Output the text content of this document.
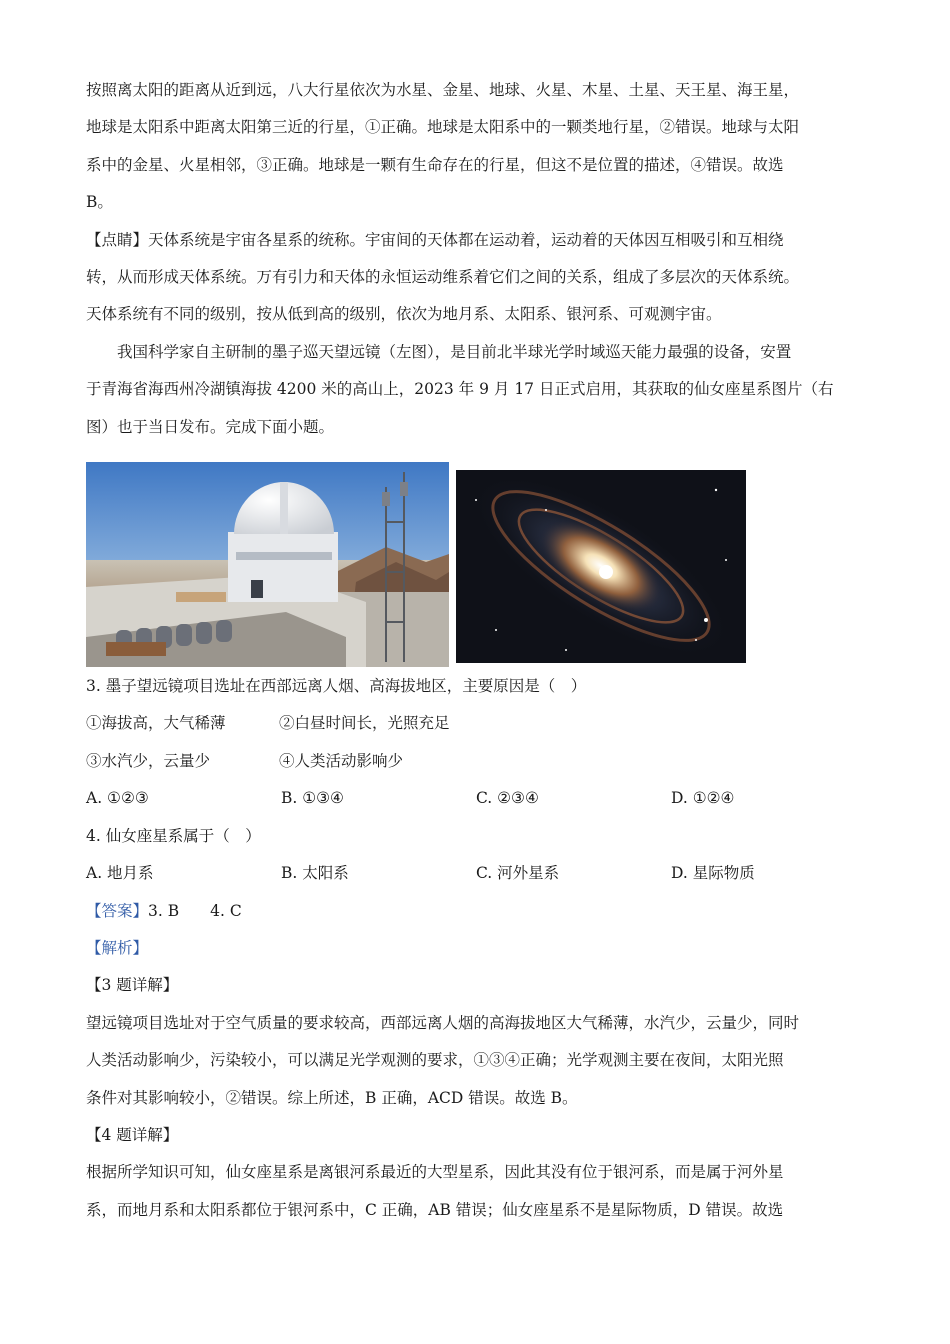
按照离太阳的距离从近到远，八大行星依次为水星、金星、地球、火星、木星、土星、天王星、海王星，

地球是太阳系中距离太阳第三近的行星，①正确。地球是太阳系中的一颗类地行星，②错误。地球与太阳

系中的金星、火星相邻，③正确。地球是一颗有生命存在的行星，但这不是位置的描述，④错误。故选

B。

【点睛】天体系统是宇宙各星系的统称。宇宙间的天体都在运动着，运动着的天体因互相吸引和互相绕

转，从而形成天体系统。万有引力和天体的永恒运动维系着它们之间的关系，组成了多层次的天体系统。

天体系统有不同的级别，按从低到高的级别，依次为地月系、太阳系、银河系、可观测宇宙。

我国科学家自主研制的墨子巡天望远镜（左图），是目前北半球光学时域巡天能力最强的设备，安置

于青海省海西州冷湖镇海拔 4200 米的高山上，2023 年 9 月 17 日正式启用，其获取的仙女座星系图片（右

图）也于当日发布。完成下面小题。

3. 墨子望远镜项目选址在西部远离人烟、高海拔地区，主要原因是（　）

①海拔高，大气稀薄	②白昼时间长，光照充足

③水汽少，云量少	④人类活动影响少

A. ①②③	B. ①③④	C. ②③④	D. ①②④

4. 仙女座星系属于（　）

A. 地月系	B. 太阳系	C. 河外星系	D. 星际物质

【答案】3. B　　4. C

【解析】

【3 题详解】

望远镜项目选址对于空气质量的要求较高，西部远离人烟的高海拔地区大气稀薄，水汽少，云量少，同时

人类活动影响少，污染较小，可以满足光学观测的要求，①③④正确；光学观测主要在夜间，太阳光照

条件对其影响较小，②错误。综上所述，B 正确，ACD 错误。故选 B。

【4 题详解】

根据所学知识可知，仙女座星系是离银河系最近的大型星系，因此其没有位于银河系，而是属于河外星

系，而地月系和太阳系都位于银河系中，C 正确，AB 错误；仙女座星系不是星际物质，D 错误。故选
